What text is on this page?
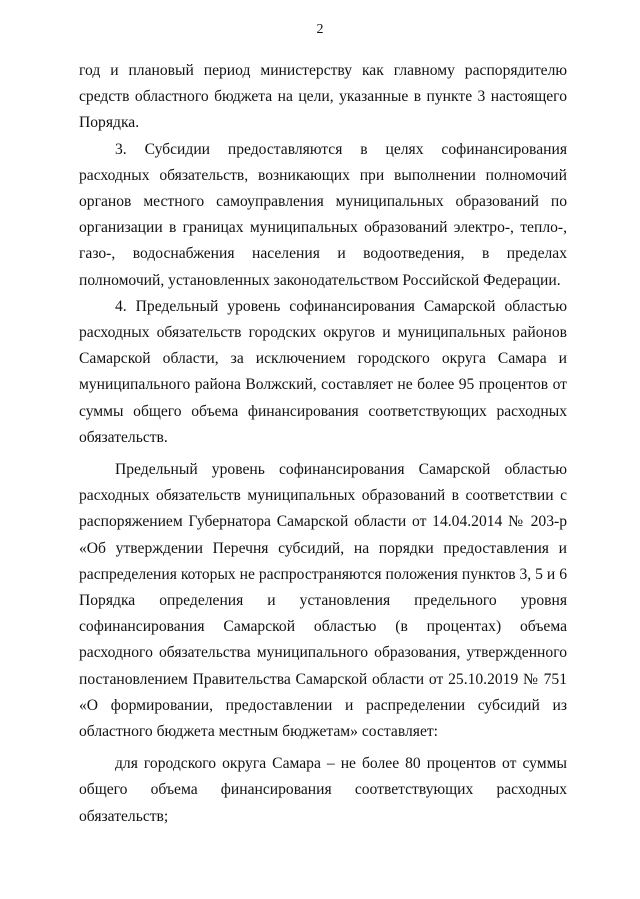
2

год и плановый период министерству как главному распорядителю средств областного бюджета на цели, указанные в пункте 3 настоящего Порядка.

3. Субсидии предоставляются в целях софинансирования расходных обязательств, возникающих при выполнении полномочий органов местного самоуправления муниципальных образований по организации в границах муниципальных образований электро-, тепло-, газо-, водоснабжения населения и водоотведения, в пределах полномочий, установленных законодательством Российской Федерации.

4. Предельный уровень софинансирования Самарской областью расходных обязательств городских округов и муниципальных районов Самарской области, за исключением городского округа Самара и муниципального района Волжский, составляет не более 95 процентов от суммы общего объема финансирования соответствующих расходных обязательств.

Предельный уровень софинансирования Самарской областью расходных обязательств муниципальных образований в соответствии с распоряжением Губернатора Самарской области от 14.04.2014 № 203-р «Об утверждении Перечня субсидий, на порядки предоставления и распределения которых не распространяются положения пунктов 3, 5 и 6 Порядка определения и установления предельного уровня софинансирования Самарской областью (в процентах) объема расходного обязательства муниципального образования, утвержденного постановлением Правительства Самарской области от 25.10.2019 № 751 «О формировании, предоставлении и распределении субсидий из областного бюджета местным бюджетам» составляет:

для городского округа Самара – не более 80 процентов от суммы общего объема финансирования соответствующих расходных обязательств;
